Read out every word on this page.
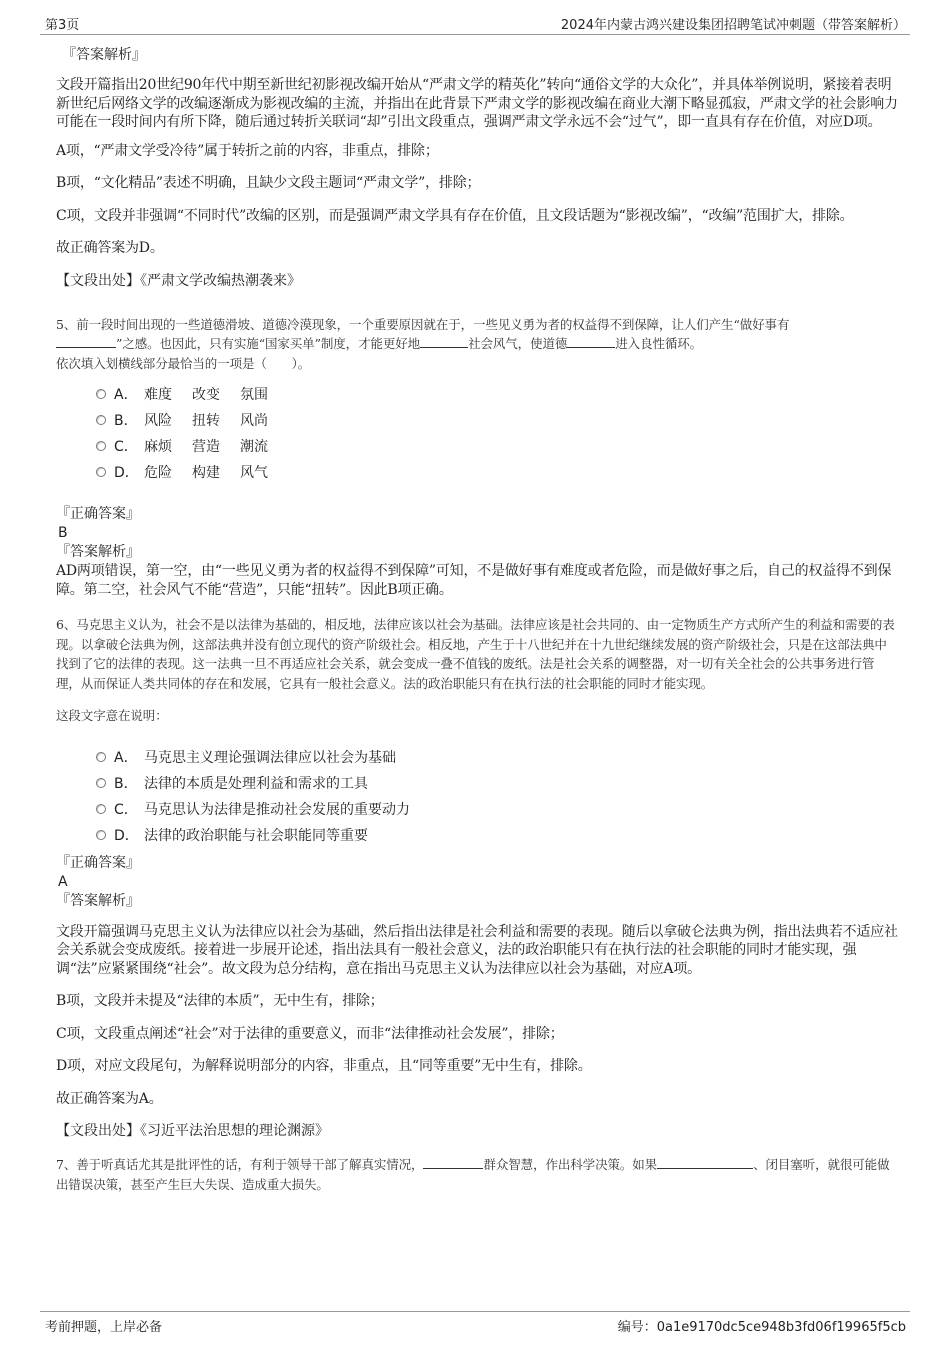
第3页	2024年内蒙古鸿兴建设集团招聘笔试冲刺题（带答案解析）

『答案解析』

文段开篇指出20世纪90年代中期至新世纪初影视改编开始从“严肃文学的精英化”转向“通俗文学的大众化”，并具体举例说明，紧接着表明新世纪后网络文学的改编逐渐成为影视改编的主流，并指出在此背景下严肃文学的影视改编在商业大潮下略显孤寂，严肃文学的社会影响力可能在一段时间内有所下降，随后通过转折关联词“却”引出文段重点，强调严肃文学永远不会“过气”，即一直具有存在价值，对应D项。

A项，“严肃文学受冷待”属于转折之前的内容，非重点，排除；

B项，“文化精品”表述不明确，且缺少文段主题词“严肃文学”，排除；

C项，文段并非强调“不同时代”改编的区别，而是强调严肃文学具有存在价值，且文段话题为“影视改编”，“改编”范围扩大，排除。

故正确答案为D。

【文段出处】《严肃文学改编热潮袭来》

5、前一段时间出现的一些道德滑坡、道德冷漠现象，一个重要原因就在于，一些见义勇为者的权益得不到保障，让人们产生“做好事有
”之感。也因此，只有实施“国家买单”制度，才能更好地	社会风气，使道德	进入良性循环。

依次填入划横线部分最恰当的一项是（　　）。

A． 难度 改变 氛围
B． 风险 扭转 风尚
C． 麻烦 营造 潮流
D． 危险 构建 风气

『正确答案』

B

『答案解析』

AD两项错误，第一空，由“一些见义勇为者的权益得不到保障”可知，不是做好事有难度或者危险，而是做好事之后，自己的权益得不到保障。第二空，社会风气不能“营造”，只能“扭转”。因此B项正确。

6、马克思主义认为，社会不是以法律为基础的，相反地，法律应该以社会为基础。法律应该是社会共同的、由一定物质生产方式所产生的利益和需要的表现。以拿破仑法典为例，这部法典并没有创立现代的资产阶级社会。相反地，产生于十八世纪并在十九世纪继续发展的资产阶级社会，只是在这部法典中找到了它的法律的表现。这一法典一旦不再适应社会关系，就会变成一叠不值钱的废纸。法是社会关系的调整器，对一切有关全社会的公共事务进行管理，从而保证人类共同体的存在和发展，它具有一般社会意义。法的政治职能只有在执行法的社会职能的同时才能实现。

这段文字意在说明：

A． 马克思主义理论强调法律应以社会为基础
B． 法律的本质是处理利益和需求的工具
C． 马克思认为法律是推动社会发展的重要动力
D． 法律的政治职能与社会职能同等重要

『正确答案』

A

『答案解析』

文段开篇强调马克思主义认为法律应以社会为基础，然后指出法律是社会利益和需要的表现。随后以拿破仑法典为例，指出法典若不适应社会关系就会变成废纸。接着进一步展开论述，指出法具有一般社会意义，法的政治职能只有在执行法的社会职能的同时才能实现，强调“法”应紧紧围绕“社会”。故文段为总分结构，意在指出马克思主义认为法律应以社会为基础，对应A项。

B项，文段并未提及“法律的本质”，无中生有，排除；

C项，文段重点阐述“社会”对于法律的重要意义，而非“法律推动社会发展”，排除；

D项，对应文段尾句，为解释说明部分的内容，非重点，且“同等重要”无中生有，排除。

故正确答案为A。

【文段出处】《习近平法治思想的理论渊源》

7、善于听真话尤其是批评性的话，有利于领导干部了解真实情况，	群众智慧，作出科学决策。如果	、闭目塞听，就很可能做出错误决策，甚至产生巨大失误、造成重大损失。

考前押题，上岸必备	编号：0a1e9170dc5ce948b3fd06f19965f5cb
